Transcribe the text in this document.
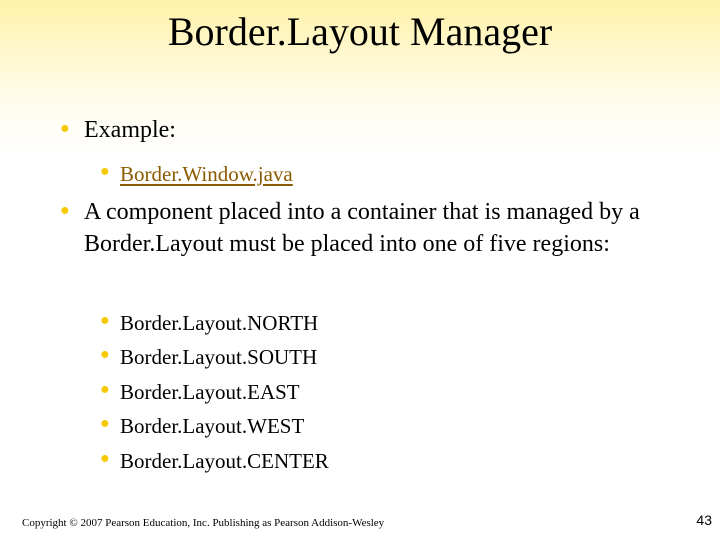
Border.Layout Manager
● Example:
● Border.Window.java
● A component placed into a container that is managed by a Border.Layout must be placed into one of five regions:
● Border.Layout.NORTH
● Border.Layout.SOUTH
● Border.Layout.EAST
● Border.Layout.WEST
● Border.Layout.CENTER
Copyright © 2007 Pearson Education, Inc. Publishing as Pearson Addison-Wesley	43
